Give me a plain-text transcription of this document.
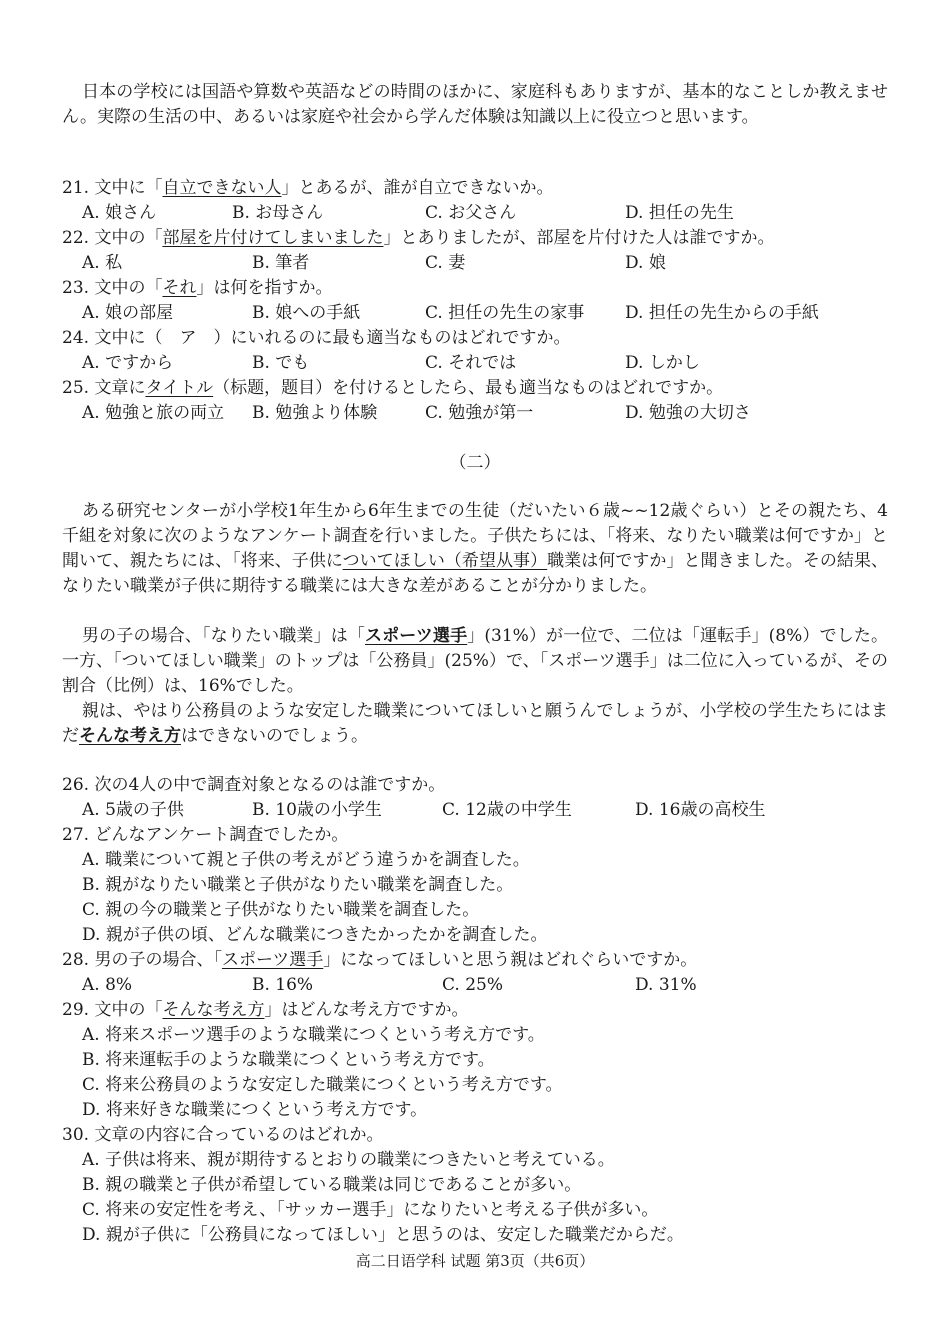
日本の学校には国語や算数や英語などの時間のほかに、家庭科もありますが、基本的なことしか教えません。実際の生活の中、あるいは家庭や社会から学んだ体験は知識以上に役立つと思います。

21. 文中に「自立できない人」とあるが、誰が自立できないか。
A. 娘さん	B. お母さん	C. お父さん	D. 担任の先生
22. 文中の「部屋を片付けてしまいました」とありましたが、部屋を片付けた人は誰ですか。
A. 私	B. 筆者	C. 妻	D. 娘
23. 文中の「それ」は何を指すか。
A. 娘の部屋	B. 娘への手紙	C. 担任の先生の家事 D. 担任の先生からの手紙
24. 文中に（　ア　）にいれるのに最も適当なものはどれですか。
A. ですから	B. でも	C. それでは	D. しかし
25. 文章にタイトル（标题，题目）を付けるとしたら、最も適当なものはどれですか。
A. 勉強と旅の両立 B. 勉強より体験	C. 勉強が第一	D. 勉強の大切さ
（二）

ある研究センターが小学校1年生から6年生までの生徒（だいたい６歳~~12歳ぐらい）とその親たち、4千組を対象に次のようなアンケート調査を行いました。子供たちには、「将来、なりたい職業は何ですか」と聞いて、親たちには、「将来、子供についてほしい（希望从事）職業は何ですか」と聞きました。その結果、なりたい職業が子供に期待する職業には大きな差があることが分かりました。

男の子の場合、「なりたい職業」は「スポーツ選手」(31%）が一位で、二位は「運転手」(8%）でした。一方、「ついてほしい職業」のトップは「公務員」(25%）で、「スポーツ選手」は二位に入っているが、その割合（比例）は、16%でした。

親は、やはり公務員のような安定した職業についてほしいと願うんでしょうが、小学校の学生たちにはまだそんな考え方はできないのでしょう。

26. 次の4人の中で調査対象となるのは誰ですか。
A. 5歳の子供	B. 10歳の小学生	C. 12歳の中学生	D. 16歳の高校生
27. どんなアンケート調査でしたか。
A. 職業について親と子供の考えがどう違うかを調査した。
B. 親がなりたい職業と子供がなりたい職業を調査した。
C. 親の今の職業と子供がなりたい職業を調査した。
D. 親が子供の頃、どんな職業につきたかったかを調査した。
28. 男の子の場合、「スポーツ選手」になってほしいと思う親はどれぐらいですか。
A. 8%	B. 16%	C. 25%	D. 31%
29. 文中の「そんな考え方」はどんな考え方ですか。
A. 将来スポーツ選手のような職業につくという考え方です。
B. 将来運転手のような職業につくという考え方です。
C. 将来公務員のような安定した職業につくという考え方です。
D. 将来好きな職業につくという考え方です。
30. 文章の内容に合っているのはどれか。
A. 子供は将来、親が期待するとおりの職業につきたいと考えている。
B. 親の職業と子供が希望している職業は同じであることが多い。
C. 将来の安定性を考え、「サッカー選手」になりたいと考える子供が多い。
D. 親が子供に「公務員になってほしい」と思うのは、安定した職業だからだ。
高二日语学科 试题 第3页（共6页）
